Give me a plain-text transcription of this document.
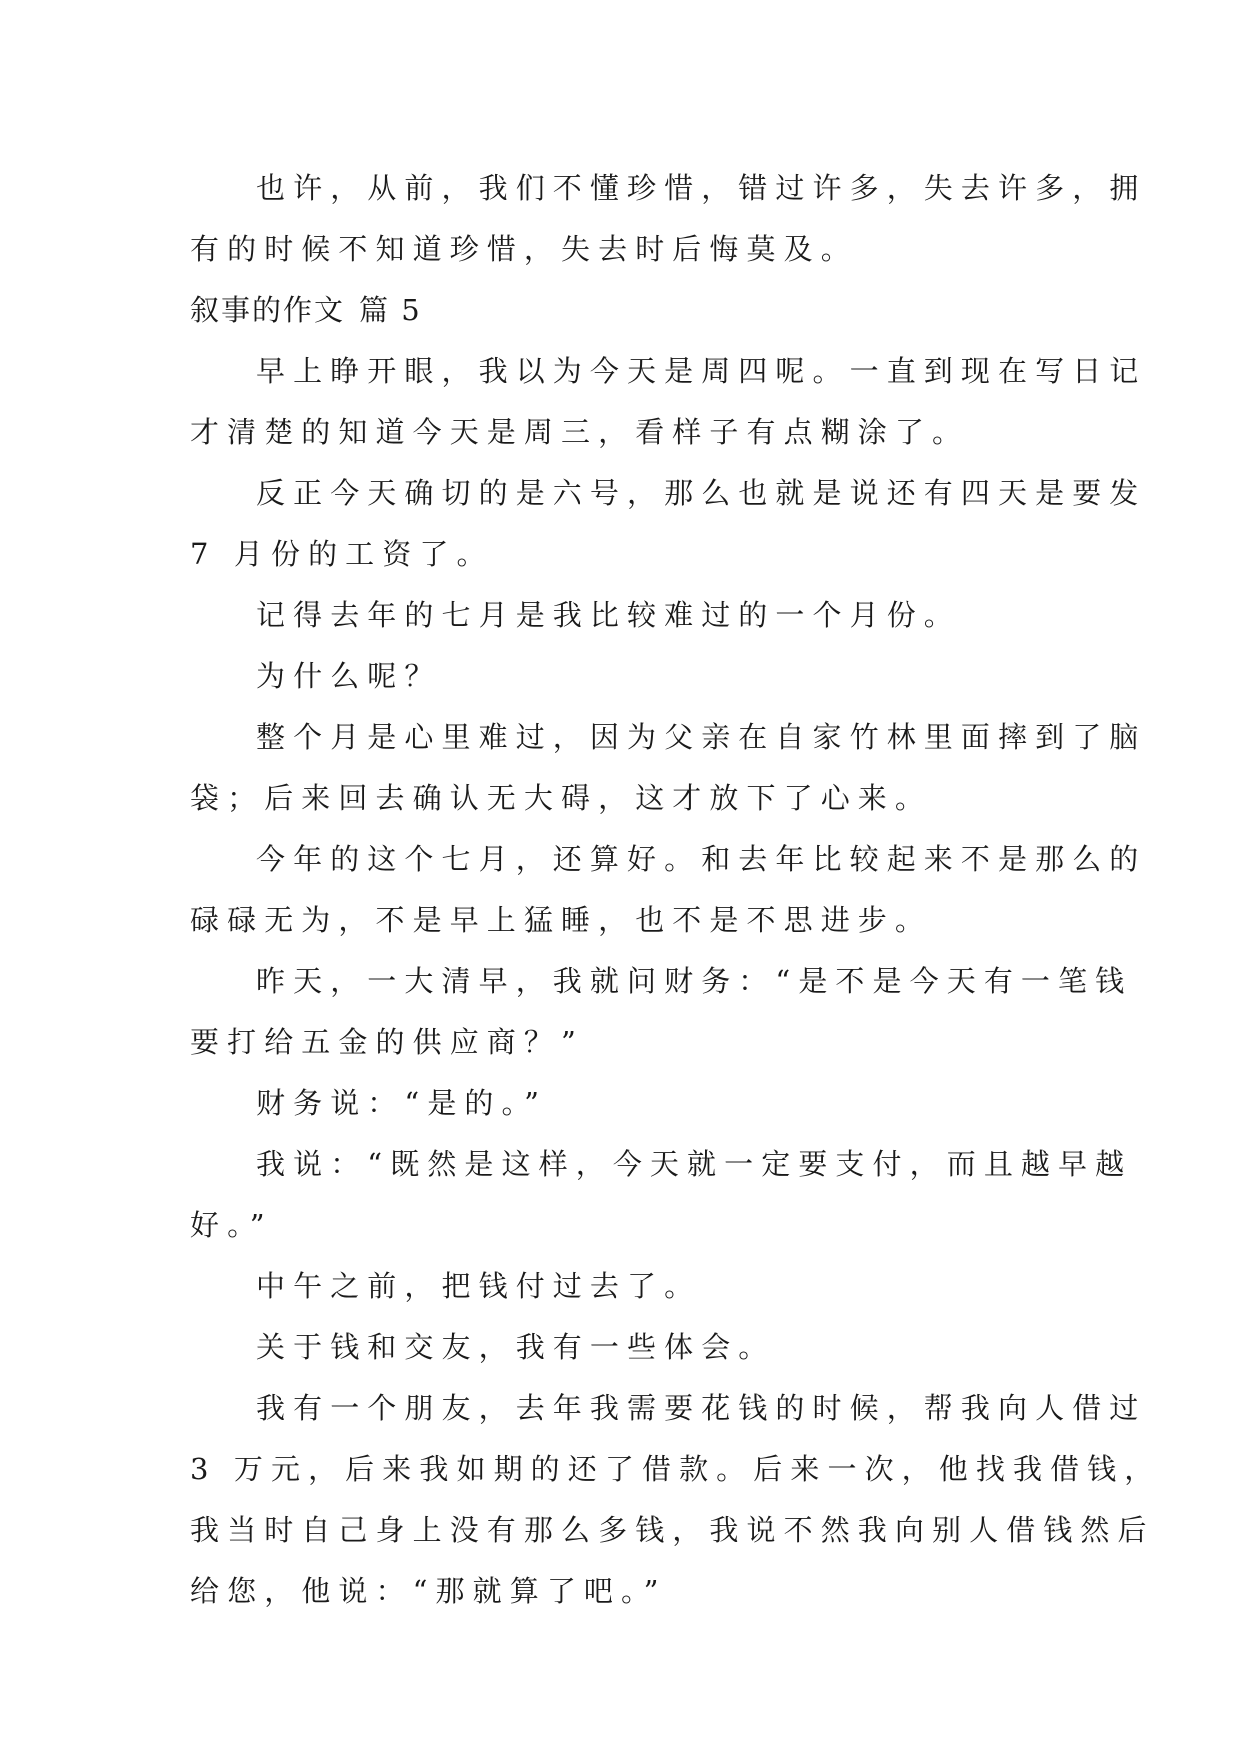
也许，从前，我们不懂珍惜，错过许多，失去许多，拥
有的时候不知道珍惜，失去时后悔莫及。

叙事的作文 篇 5

早上睁开眼，我以为今天是周四呢。一直到现在写日记
才清楚的知道今天是周三，看样子有点糊涂了。

反正今天确切的是六号，那么也就是说还有四天是要发
7 月份的工资了。

记得去年的七月是我比较难过的一个月份。

为什么呢？

整个月是心里难过，因为父亲在自家竹林里面摔到了脑
袋；后来回去确认无大碍，这才放下了心来。

今年的这个七月，还算好。和去年比较起来不是那么的
碌碌无为，不是早上猛睡，也不是不思进步。

昨天，一大清早，我就问财务：“是不是今天有一笔钱
要打给五金的供应商？”

财务说：“是的。”

我说：“既然是这样，今天就一定要支付，而且越早越
好。”

中午之前，把钱付过去了。

关于钱和交友，我有一些体会。

我有一个朋友，去年我需要花钱的时候，帮我向人借过
3 万元，后来我如期的还了借款。后来一次，他找我借钱，
我当时自己身上没有那么多钱，我说不然我向别人借钱然后
给您，他说：“那就算了吧。”
